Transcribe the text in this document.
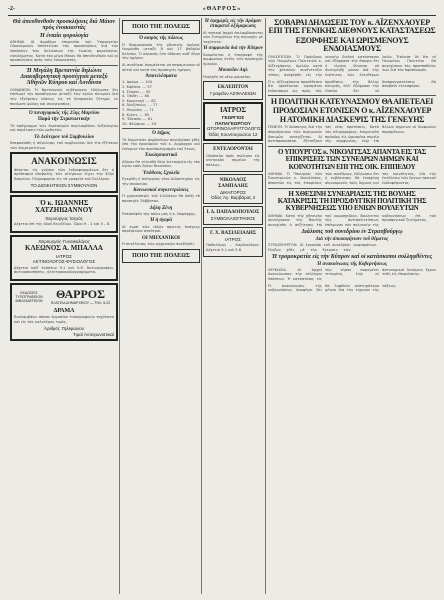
-2-	«ΘΑΡΡΟΣ»
Θά ἀπευθυνθοῦν προσκλήσεις διά Μάιον πρὸς ἐνοικιαστάς
Ἡ ἐνιαία φορολογία
ΑΘΗΝΑΙ. Αἱ ἀρμόδιαι ὑπηρεσίαι τοῦ Ὑπουργείου Οἰκονομικῶν ἀπέστειλαν τὰς προσκλήσεις διὰ τὴν ὑποβολὴν τῶν δηλώσεων τῆς ἐνιαίας φορολογίας εἰσοδήματος. Κατὰ τὸν μῆνα Μάιον θὰ ἀπευθυνθοῦν καὶ αἱ προσκλήσεις πρὸς τοὺς ἐνοικιαστάς.
Ἡ Μεγάλη Βρεταννία δηλώνει Διακυβερνητικὴ προσέγγισι μεταξύ Ἀθηνῶν Κύπρου καί Λονδίνου
ΛΟΝΔΙΝΟΝ. Ἡ Βρεταννικὴ κυβέρνησις ἐδήλωσεν ὅτι ἐπιθυμεῖ τὴν προσέγγισιν μεταξὺ τῶν τριῶν πλευρῶν διὰ τὴν ἐξεύρεσιν λύσεως εἰς τὸ Κυπριακὸν ζήτημα, ἐν πνεύματι φιλίας καὶ συνεργασίας.
Ὁ πανηγυρικός τῆς 25ης Μαρτίου
Παρά τὴν Στρατιωτικὴν
Τὸ πρόγραμμα τῶν ἑορτασμῶν περιλαμβάνει δοξολογίαν καὶ παρέλασιν τῶν μαθητῶν.
Τὸ Δεύτερον τοῦ Συμβουλίου
Ἀπεφασίσθη ἡ σύγκλησις τοῦ συμβουλίου διὰ τὴν ἐξέτασιν τῶν ἐκκρεμοτήτων.
ΑΝΑΚΟΙΝΩΣΙΣ
Φέρεται εἰς γνῶσιν τῶν ἐνδιαφερομένων ὅτι ἡ προθεσμία ὑποβολῆς τῶν αἰτήσεων λήγει τὴν 30ὴν Ἀπριλίου. Πληροφορίαι εἰς τὰ γραφεῖα τοῦ Συλλόγου.
ΤΟ ΔΙΟΙΚΗΤΙΚΟΝ ΣΥΜΒΟΥΛΙΟΝ
Ὁ κ. ΙΩΑΝΝΗΣ ΧΑΤΖΗΙΩΑΝΝΟΥ
Χειρούργος Ἰατρός
Δέχεται ἐπὶ τῆς ὁδοῦ Βενιζέλου. Ὧραι 9 – 1 καὶ 5 – 8.
Χειρουργός-Γυναικολόγος
ΚΛΕΩΝΟΣ Α. ΜΠΑΛΛΑ
ΙΑΤΡΟΣ
ΑΚΤΙΝΟΛΟΓΟΣ-ΦΥΣΙΟΛΟΓΟΣ
Δέχεται καθ' ἑκάστην 9-1 καὶ 5-8. Ἀκτινογραφίαι, ἀκτινοσκοπήσεις, ἠλεκτροκαρδιογραφήματα.
ΕΚΔΟΣΕΙΣ ΤΥΠΟΓΡΑΦΕΙΟΝ ΒΙΒΛΙΟΔΕΤΕΙΟΝ
ΘΑΡΡΟΣ
ΠΛΑΤΕΙΑ ΔΗΜΑΡΧΕΙΟΥ — ΤΗΛ. 5-22
ΔΡΑΜΑ
Ἀναλαμβάνει πᾶσαν ἐργασίαν τυπογραφικήν ταχύτατα καὶ εἰς τὰς καλυτέρας τιμάς.
Ἀριθμός Τηλεφώνου
Τιμαί Ἀνταγωνιστικαί
ΠΟΙΟ ΤΗΕ ΠΟΛΕΩΣ
Ὁ καιρὸς τῆς πόλεως
Ἡ θερμοκρασία τῆς χθεσινῆς ἡμέρας ἐκυμάνθη μεταξὺ 8 καὶ 17 βαθμῶν Κελσίου. Ὁ οὐρανὸς ἦτο αἴθριος καθ' ὅλην τὴν ἡμέραν.
Αἱ συνθῆκαι ἀναμένεται νὰ παραμείνουν αἱ αὐταί καὶ κατὰ τὰς προσεχεῖς ἡμέρας.
Ἀποτελέσματα
1. Δράμα .... 104
2. Καβάλα .... 97
3. Σέρραι .... 95
4. Ξάνθη .... 88
5. Κομοτηνή .... 82
6. Ἀλεξ/πολις .... 77
7. Θεσ/νίκη .... 71
8. Κιλκίς .... 65
9. Ἔδεσσα .... 61
10. Φλώρινα .... 54
Ὁ Δῆμος
Τὸ δημοτικὸν συμβούλιον συνεδρίασε χθὲς ὑπὸ τὴν προεδρίαν τοῦ κ. Δημάρχου καὶ ἐνέκρινε τὸν προϋπολογισμὸν τοῦ ἔτους.
Ἐκκλησιαστικά
Αὔριον θὰ τελεσθῇ θεία λειτουργία εἰς τὸν ἱερὸν ναὸν Ἁγίου Νικολάου.
Ὑπόθεσις Σχολεῖα
Ἐγκρίθη ἡ ἀνέγερσις νέου διδακτηρίου εἰς τὴν συνοικίαν.
Κοινωνικαί συγκεντρώσεις
Ἡ χοροεσπερὶς τοῦ Συλλόγου θὰ δοθῇ τὸ προσεχὲς Σάββατον.
Δήλη Ξένη
Ἐπεσκέφθη τὴν πόλιν μας ὁ κ. Νομάρχης.
Ἡ ἡ ἀγορά
Αἱ τιμαὶ τῶν εἰδῶν πρώτης ἀνάγκης παρέμειναν σταθεραί.
ΟΙ ΜΗΧΑΝΙΚΟΙ
Ἡ συνέλευσις τῶν μηχανικῶν ἀνεβλήθη.
ΠΟΙΟ ΤΗΕ ΠΟΛΕΩΣ
Ἡ ἐφημερίς εἰς τήν Δράμαν ἐπικρατεῖ ὀξύμαρωσις
Αἱ τοπικαὶ ἀρχαὶ ἐπιλαμβάνονται τῶν ζητημάτων τῆς περιοχῆς μὲ ταχύτητα.
Ἡ συμφωνία διὰ τὴν Κύπρον
Ἀναμένεται ἡ ὑπογραφὴ τῆς συμφωνίας ἐντὸς τῶν προσεχῶν ἡμερῶν.
Μουσεῖον Δηλ
Ἠνοίχθη τὸ νέον μουσεῖον.
ΕΚΛΕΙΠΤΟΝ
Γραφεῖον ΑΣΦΑΛΕΙΩΝ
ΙΑΤΡΟΣ
ΓΕΩΡΓΙΟΣ ΠΑΠΑΓΕΩΡΓΙΟΥ
ΩΤΟΡΙΝΟΛΑΡΥΓΓΟΛΟΓΟΣ
Ὁδὸς Κουντουριώτου 12
ΕΝΤΕΛΟΡΟΝΤΑΙ
Οἰκόπεδα πρὸς πώλησιν εἰς κεντρικὸν σημεῖον τῆς πόλεως.
ΝΙΚΟΛΑΟΣ ΣΑΜΠΑΛΗΣ
ΔΙΚΗΓΟΡΟΣ
Ὁδὸς Ἀγ. Βαρβάρας 4
Ι. Δ. ΠΑΠΑΔΟΠΟΥΛΟΣ
ΣΥΜΒΟΛΑΙΟΓΡΑΦΟΣ
Γ. Χ. ΒΑΣΙΛΕΙΑΔΗΣ
ΙΑΤΡΟΣ
Παθολόγος – Καρδιολόγος. Δέχεται 9-1 καὶ 5-8.
ΣΟΒΑΡΑΙ ΔΗΛΩΣΕΙΣ ΤΟΥ κ. ΑΪΖΕΝΧΑΟΥΕΡ ΕΠΙ ΤΗΣ ΓΕΝΙΚΗΣ ΔΙΕΘΝΟΥΣ ΚΑΤΑΣΤΑΣΕΩΣ
ΕΞΟΡΦΗΣΕ ΚΑΙ ΩΡΙΣΜΕΝΟΥΣ ΕΝΔΟΙΑΣΜΟΥΣ
ΟΥΑΣΙΓΚΤΩΝ. Ὁ Πρόεδρος τῶν Ἡνωμένων Πολιτειῶν κ. Αϊζενχάουερ, ὁμιλῶν κατὰ τὴν χθεσινὴν συνέντευξιν τύπου, ἀνεφέρθη εἰς τὴν γενικὴν διεθνῆ κατάστασιν καὶ ἐξέφρασε τὴν ἄποψιν ὅτι ἡ εἰρήνη δύναται νὰ διατηρηθῇ μόνον διὰ τῆς ἑνότητος τῶν ἐλευθέρων λαῶν. Ἐτόνισε δὲ ὅτι αἱ Ἡνωμέναι Πολιτεῖαι θὰ συνεχίσουν τὰς προσπαθείας των διὰ τὸν ἀφοπλισμόν.
Ὁ κ. Αϊζενχάουερ προσέθεσεν ὅτι ὑφίστανται ὡρισμένοι ἐνδοιασμοὶ ὡς πρὸς τὰς προθέσεις τῆς ἄλλης πλευρᾶς, ἀλλ' ἐξέφρασε τὴν ἐλπίδα ὅτι αἱ διαπραγματεύσεις θὰ ἀποβοῦν τελεσφόροι.
Η ΠΟΛΙΤΙΚΗ ΚΑΤΕΥΝΑΣΜΟΥ ΘΑ ΑΠΕΤΕΛΕΙ ΠΡΟΔΟΣΙΑΝ ΕΤΟΝΙΣΕΝ Ο κ. ΑΪΖΕΝΧΑΟΥΕΡ
Η ΑΤΟΜΙΚΗ ΔΙΑΣΚΕΨΙΣ ΤΗΣ ΓΕΝΕΥΗΣ
ΓΕΝΕΥΗ. Ἡ διάσκεψις διὰ τὴν ἀπαγόρευσιν τῶν πυρηνικῶν δοκιμῶν συνεχίζεται. Αἱ ἀντιπροσωπεῖαι ἐξετάζουν τὰς νέας προτάσεις. Κατὰ τὰς πληροφορίας, ἐσημειώθη πρόοδος εἰς ὡρισμένα σημεῖα τῆς συμφωνίας, ἐνῷ ἐπὶ ἄλλων σημείων αἱ διαφωνίαι παραμένουν.
Ο ΥΠΟΥΡΓΟΣ κ. ΝΙΚΟΛΙΤΣΑΣ ΑΠΑΝΤΑ ΕΙΣ ΤΑΣ ΕΠΙΚΡΙΣΕΙΣ ΤΩΝ ΣΥΝΕΔΡΩΝ ΔΗΜΩΝ ΚΑΙ ΚΟΙΝΟΤΗΤΩΝ ΕΠΙ ΤΗΣ ΟΙΚ. ΕΠΙΠΕΔΟΥ
ΑΘΗΝΑΙ. Ὁ Ὑπουργὸς τῶν Ἐσωτερικῶν κ. Νικολίτσας, ἀπαντῶν εἰς τὰς ἐπικρίσεις τῶν συνέδρων, ἐδήλωσεν ὅτι ἡ κυβέρνησις θὰ ἐνισχύσῃ οἰκονομικῶς τοὺς δήμους καὶ τὰς κοινότητας, διὰ τὴν ἐκτέλεσιν τῶν ἔργων τοπικοῦ ἐνδιαφέροντος.
Η ΧΘΕΣΙΝΗ ΣΥΝΕΔΡΙΑΣΙΣ ΤΗΣ ΒΟΥΛΗΣ ΚΑΤΑΚΡΙΣΙΣ ΤΗ ΠΡΟΣΦΥΓΙΚΗ ΠΟΛΙΤΙΚΗ ΤΗΣ ΚΥΒΕΡΝΗΣΕΩΣ ΥΠΟ ΕΝΙΩΝ ΒΟΥΛΕΥΤΩΝ
ΑΘΗΝΑΙ. Κατὰ τὴν χθεσινὴν συνεδρίασιν τῆς Βουλῆς συνεχίσθη ἡ συζήτησις ἐπὶ τοῦ νομοσχεδίου. Βουλευταὶ τῆς ἀντιπολιτεύσεως ἐπέκριναν τὴν πολιτικὴν τῆς κυβερνήσεως ἐπὶ τοῦ προσφυγικοῦ ζητήματος.
Διάλυσις τοῦ συνεδρίου ἐν Στρασβούργῳ
Διὰ τὴν ἀποσαφήνισιν τοῦ θέματος
ΣΤΡΑΣΒΟΥΡΓΟΝ. Αἱ ἐργασίαι τοῦ συνεδρίου ἔληξαν χθὲς μὲ τὴν ἔγκρισιν τῶν ψηφισμάτων.
Ἡ τρομοκρατία εἰς τὴν Κύπρον καί οἱ κατάσκοποι συλληφθέντες
Ἡ ἀνακοίνωσις τῆς Κυβερνήσεως
ΛΕΥΚΩΣΙΑ. Αἱ ἀρχαὶ ἀνεκοίνωσαν τὴν σύλληψιν ὑπόπτων. Ἡ κατάστασις εἰς τὴν νῆσον παραμένει τεταμένη, ἐνῷ αἱ ἀστυνομικαὶ δυνάμεις ἔχουν τεθῆ εἰς ἐπιφυλακήν.
Ἡ ἀνακοίνωσις τῆς κυβερνήσεως ἀναφέρει ὅτι θὰ ληφθοῦν αὐστηρότερα μέτρα διὰ τὴν τήρησιν τῆς τάξεως.
